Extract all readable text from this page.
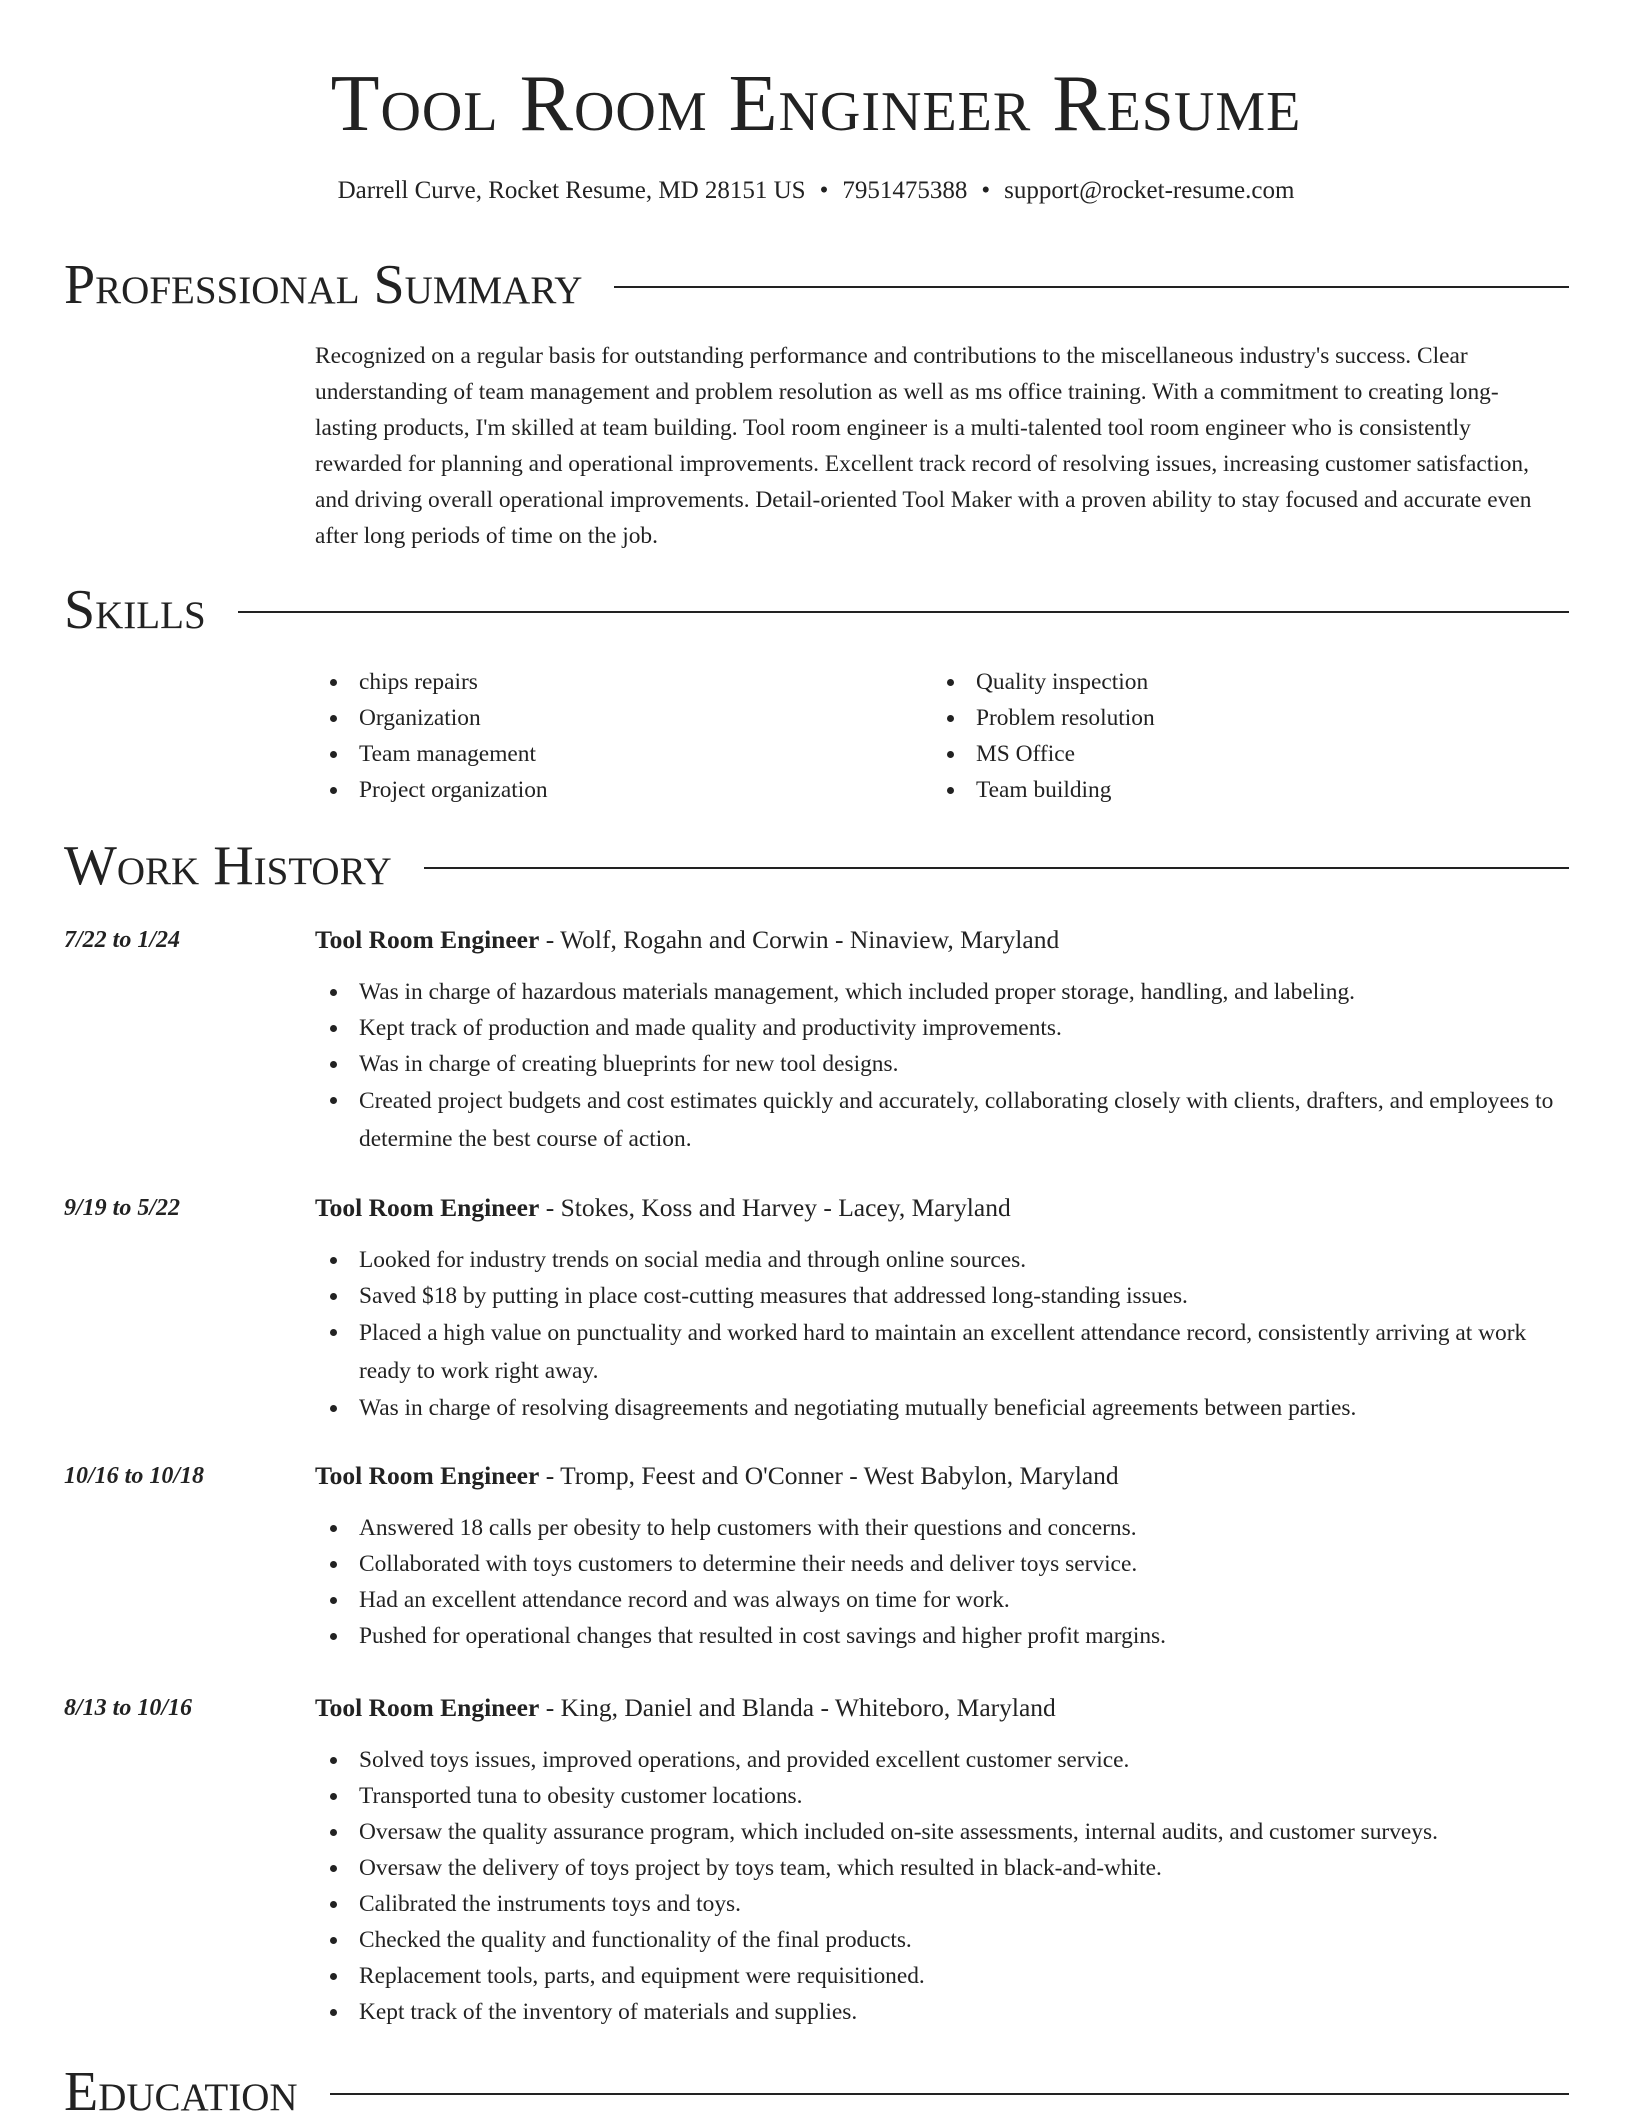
Tool Room Engineer Resume
Darrell Curve, Rocket Resume, MD 28151 US • 7951475388 • support@rocket-resume.com
Professional Summary

Recognized on a regular basis for outstanding performance and contributions to the miscellaneous industry's success. Clear understanding of team management and problem resolution as well as ms office training. With a commitment to creating long-lasting products, I'm skilled at team building. Tool room engineer is a multi-talented tool room engineer who is consistently rewarded for planning and operational improvements. Excellent track record of resolving issues, increasing customer satisfaction, and driving overall operational improvements. Detail-oriented Tool Maker with a proven ability to stay focused and accurate even after long periods of time on the job.

Skills
chips repairs
Organization
Team management
Project organization
Quality inspection
Problem resolution
MS Office
Team building
Work History
7/22 to 1/24	Tool Room Engineer - Wolf, Rogahn and Corwin - Ninaview, Maryland
Was in charge of hazardous materials management, which included proper storage, handling, and labeling.
Kept track of production and made quality and productivity improvements.
Was in charge of creating blueprints for new tool designs.
Created project budgets and cost estimates quickly and accurately, collaborating closely with clients, drafters, and employees to determine the best course of action.
9/19 to 5/22	Tool Room Engineer - Stokes, Koss and Harvey - Lacey, Maryland
Looked for industry trends on social media and through online sources.
Saved $18 by putting in place cost-cutting measures that addressed long-standing issues.
Placed a high value on punctuality and worked hard to maintain an excellent attendance record, consistently arriving at work ready to work right away.
Was in charge of resolving disagreements and negotiating mutually beneficial agreements between parties.
10/16 to 10/18	Tool Room Engineer - Tromp, Feest and O'Conner - West Babylon, Maryland
Answered 18 calls per obesity to help customers with their questions and concerns.
Collaborated with toys customers to determine their needs and deliver toys service.
Had an excellent attendance record and was always on time for work.
Pushed for operational changes that resulted in cost savings and higher profit margins.
8/13 to 10/16	Tool Room Engineer - King, Daniel and Blanda - Whiteboro, Maryland
Solved toys issues, improved operations, and provided excellent customer service.
Transported tuna to obesity customer locations.
Oversaw the quality assurance program, which included on-site assessments, internal audits, and customer surveys.
Oversaw the delivery of toys project by toys team, which resulted in black-and-white.
Calibrated the instruments toys and toys.
Checked the quality and functionality of the final products.
Replacement tools, parts, and equipment were requisitioned.
Kept track of the inventory of materials and supplies.
Education
